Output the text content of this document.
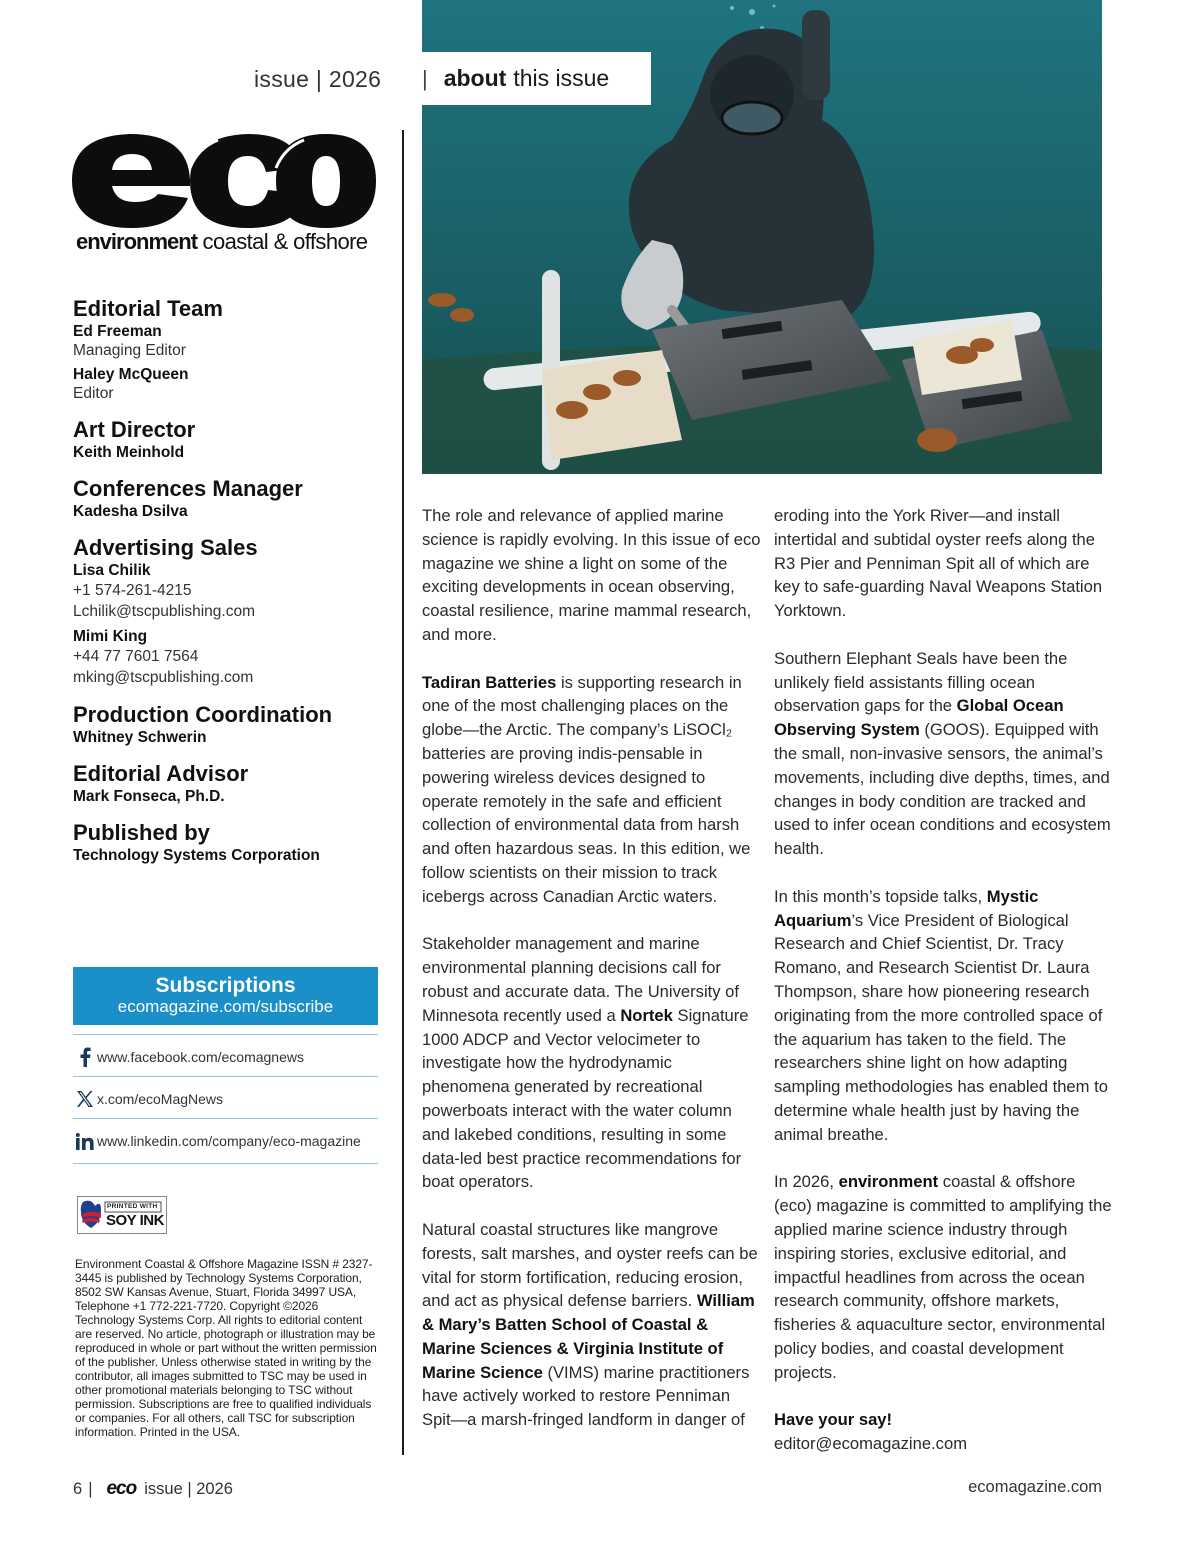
issue | 2026 | about this issue
environment coastal & offshore
Editorial Team
Ed Freeman
Managing Editor
Haley McQueen
Editor
Art Director
Keith Meinhold
Conferences Manager
Kadesha Dsilva
Advertising Sales
Lisa Chilik
+1 574-261-4215
Lchilik@tscpublishing.com
Mimi King
+44 77 7601 7564
mking@tscpublishing.com
Production Coordination
Whitney Schwerin
Editorial Advisor
Mark Fonseca, Ph.D.
Published by
Technology Systems Corporation
Subscriptions
ecomagazine.com/subscribe
www.facebook.com/ecomagnews
x.com/ecoMagNews
www.linkedin.com/company/eco-magazine
PRINTED WITH
SOY INK
Environment Coastal & Offshore Magazine ISSN # 2327-3445 is published by Technology Systems Corporation, 8502 SW Kansas Avenue, Stuart, Florida 34997 USA, Telephone +1 772-221-7720. Copyright ©2026 Technology Systems Corp. All rights to editorial content are reserved. No article, photograph or illustration may be reproduced in whole or part without the written permission of the publisher. Unless otherwise stated in writing by the contributor, all images submitted to TSC may be used in other promotional materials belonging to TSC without permission. Subscriptions are free to qualified individuals or companies. For all others, call TSC for subscription information. Printed in the USA.

The role and relevance of applied marine science is rapidly evolving. In this issue of eco magazine we shine a light on some of the exciting developments in ocean observing, coastal resilience, marine mammal research, and more.

Tadiran Batteries is supporting research in one of the most challenging places on the globe—the Arctic. The company’s LiSOCl₂ batteries are proving indis-pensable in powering wireless devices designed to operate remotely in the safe and efficient collection of environmental data from harsh and often hazardous seas. In this edition, we follow scientists on their mission to track icebergs across Canadian Arctic waters.

Stakeholder management and marine environmental planning decisions call for robust and accurate data. The University of Minnesota recently used a Nortek Signature 1000 ADCP and Vector velocimeter to investigate how the hydrodynamic phenomena generated by recreational powerboats interact with the water column and lakebed conditions, resulting in some data-led best practice recommendations for boat operators.

Natural coastal structures like mangrove forests, salt marshes, and oyster reefs can be vital for storm fortification, reducing erosion, and act as physical defense barriers. William & Mary’s Batten School of Coastal & Marine Sciences & Virginia Institute of Marine Science (VIMS) marine practitioners have actively worked to restore Penniman Spit—a marsh-fringed landform in danger of

eroding into the York River—and install intertidal and subtidal oyster reefs along the R3 Pier and Penniman Spit all of which are key to safe-guarding Naval Weapons Station Yorktown.

Southern Elephant Seals have been the unlikely field assistants filling ocean observation gaps for the Global Ocean Observing System (GOOS). Equipped with the small, non-invasive sensors, the animal’s movements, including dive depths, times, and changes in body condition are tracked and used to infer ocean conditions and ecosystem health.

In this month’s topside talks, Mystic Aquarium’s Vice President of Biological Research and Chief Scientist, Dr. Tracy Romano, and Research Scientist Dr. Laura Thompson, share how pioneering research originating from the more controlled space of the aquarium has taken to the field. The researchers shine light on how adapting sampling methodologies has enabled them to determine whale health just by having the animal breathe.

In 2026, environment coastal & offshore (eco) magazine is committed to amplifying the applied marine science industry through inspiring stories, exclusive editorial, and impactful headlines from across the ocean research community, offshore markets, fisheries & aquaculture sector, environmental policy bodies, and coastal development projects.

Have your say!
editor@ecomagazine.com

6 | eco issue | 2026	ecomagazine.com
